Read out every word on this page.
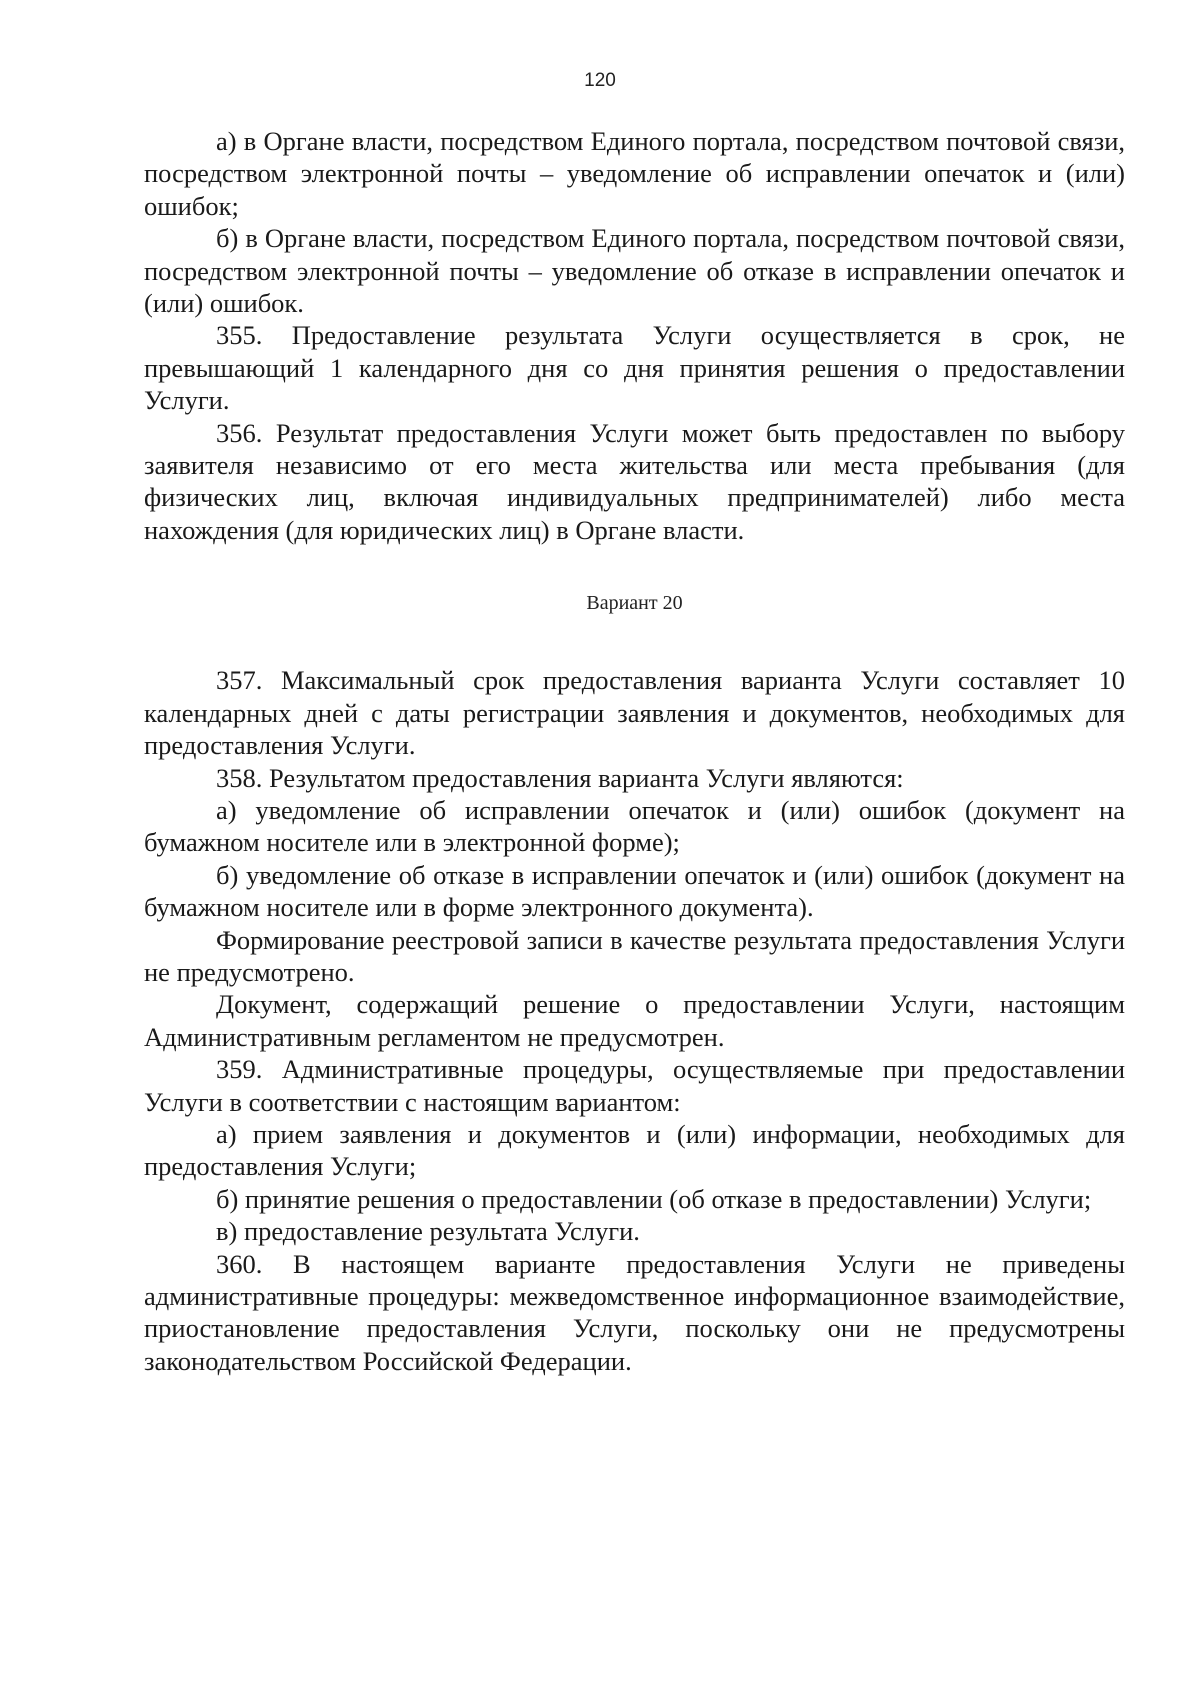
120

а) в Органе власти, посредством Единого портала, посредством почтовой связи, посредством электронной почты – уведомление об исправлении опечаток и (или) ошибок;

б) в Органе власти, посредством Единого портала, посредством почтовой связи, посредством электронной почты – уведомление об отказе в исправлении опечаток и (или) ошибок.

355. Предоставление результата Услуги осуществляется в срок, не превышающий 1 календарного дня со дня принятия решения о предоставлении Услуги.

356. Результат предоставления Услуги может быть предоставлен по выбору заявителя независимо от его места жительства или места пребывания (для физических лиц, включая индивидуальных предпринимателей) либо места нахождения (для юридических лиц) в Органе власти.

Вариант 20

357. Максимальный срок предоставления варианта Услуги составляет 10 календарных дней с даты регистрации заявления и документов, необходимых для предоставления Услуги.

358. Результатом предоставления варианта Услуги являются:

а) уведомление об исправлении опечаток и (или) ошибок (документ на бумажном носителе или в электронной форме);

б) уведомление об отказе в исправлении опечаток и (или) ошибок (документ на бумажном носителе или в форме электронного документа).

Формирование реестровой записи в качестве результата предоставления Услуги не предусмотрено.

Документ, содержащий решение о предоставлении Услуги, настоящим Административным регламентом не предусмотрен.

359. Административные процедуры, осуществляемые при предоставлении Услуги в соответствии с настоящим вариантом:

а) прием заявления и документов и (или) информации, необходимых для предоставления Услуги;

б) принятие решения о предоставлении (об отказе в предоставлении) Услуги;

в) предоставление результата Услуги.

360. В настоящем варианте предоставления Услуги не приведены административные процедуры: межведомственное информационное взаимодействие, приостановление предоставления Услуги, поскольку они не предусмотрены законодательством Российской Федерации.
